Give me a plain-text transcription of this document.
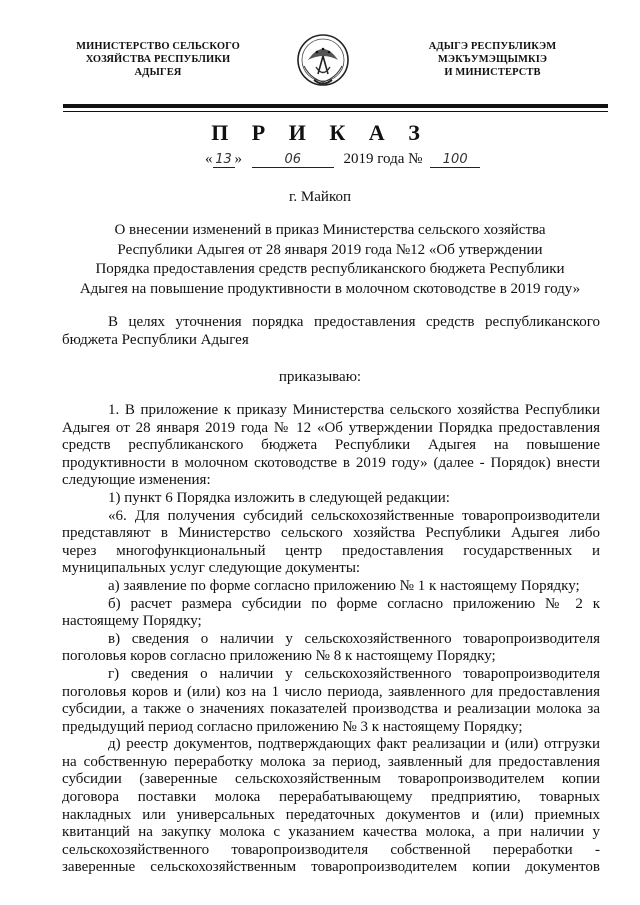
МИНИСТЕРСТВО СЕЛЬСКОГО
ХОЗЯЙСТВА РЕСПУБЛИКИ
АДЫГЕЯ
АДЫГЭ РЕСПУБЛИКЭМ
МЭКЪУМЭЩЫМКIЭ
И МИНИСТЕРСТВ
П Р И К А З
« 13 »	06	2019 года № 100
г. Майкоп
О внесении изменений в приказ Министерства сельского хозяйства
Республики Адыгея от 28 января 2019 года №12 «Об утверждении
Порядка предоставления средств республиканского бюджета Республики
Адыгея на повышение продуктивности в молочном скотоводстве в 2019 году»
В целях уточнения порядка предоставления средств республиканского
бюджета Республики Адыгея
приказываю:
1. В приложение к приказу Министерства сельского хозяйства Республики
Адыгея от 28 января 2019 года № 12 «Об утверждении Порядка предоставления
средств республиканского бюджета Республики Адыгея на повышение
продуктивности в молочном скотоводстве в 2019 году» (далее - Порядок) внести
следующие изменения:
1) пункт 6 Порядка изложить в следующей редакции:
«6. Для получения субсидий сельскохозяйственные товаропроизводители
представляют в Министерство сельского хозяйства Республики Адыгея либо
через многофункциональный центр предоставления государственных и
муниципальных услуг следующие документы:
а) заявление по форме согласно приложению № 1 к настоящему Порядку;
б) расчет размера субсидии по форме согласно приложению № 2 к
настоящему Порядку;
в) сведения о наличии у сельскохозяйственного товаропроизводителя
поголовья коров согласно приложению № 8 к настоящему Порядку;
г) сведения о наличии у сельскохозяйственного товаропроизводителя
поголовья коров и (или) коз на 1 число периода, заявленного для предоставления
субсидии, а также о значениях показателей производства и реализации молока за
предыдущий период согласно приложению № 3 к настоящему Порядку;
д) реестр документов, подтверждающих факт реализации и (или) отгрузки
на собственную переработку молока за период, заявленный для предоставления
субсидии (заверенные сельскохозяйственным товаропроизводителем копии
договора поставки молока перерабатывающему предприятию, товарных
накладных или универсальных передаточных документов и (или) приемных
квитанций на закупку молока с указанием качества молока, а при наличии у
сельскохозяйственного товаропроизводителя собственной переработки -
заверенные сельскохозяйственным товаропроизводителем копии документов
